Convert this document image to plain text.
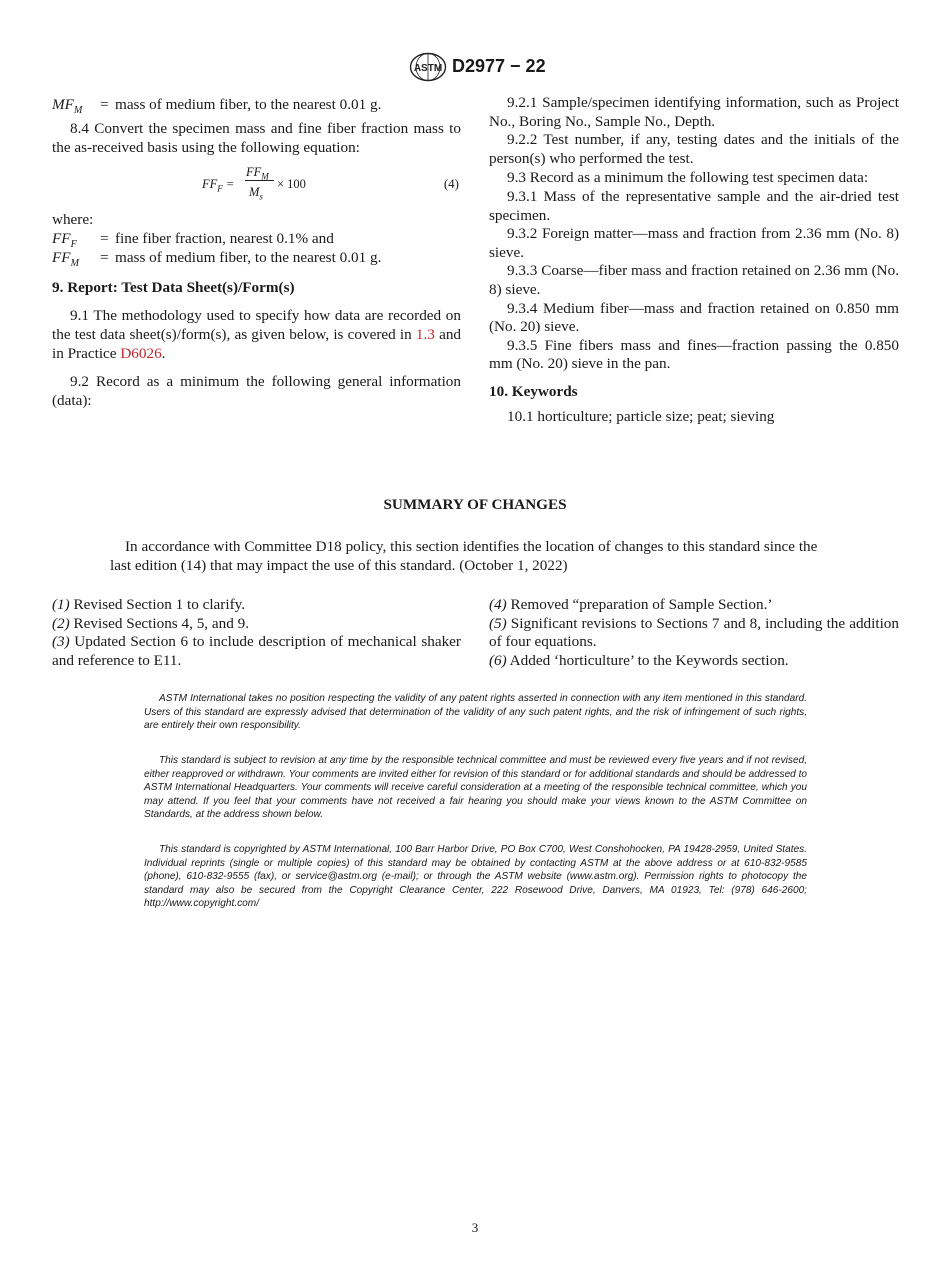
ASTM D2977 − 22
$MF_M$ = mass of medium fiber, to the nearest 0.01 g.

8.4 Convert the specimen mass and fine fiber fraction mass to the as-received basis using the following equation:

$FF_F$ =
$FF_M$
$M_s$
× 100	(4)

where:

$FF_F$ = fine fiber fraction, nearest 0.1% and
$FF_M$ = mass of medium fiber, to the nearest 0.01 g.

9. Report: Test Data Sheet(s)/Form(s)

9.1 The methodology used to specify how data are recorded on the test data sheet(s)/form(s), as given below, is covered in 1.3 and in Practice D6026.

9.2 Record as a minimum the following general information (data):

9.2.1 Sample/specimen identifying information, such as Project No., Boring No., Sample No., Depth.

9.2.2 Test number, if any, testing dates and the initials of the person(s) who performed the test.

9.3 Record as a minimum the following test specimen data:

9.3.1 Mass of the representative sample and the air-dried test specimen.

9.3.2 Foreign matter—mass and fraction from 2.36 mm (No. 8) sieve.

9.3.3 Coarse—fiber mass and fraction retained on 2.36 mm (No. 8) sieve.

9.3.4 Medium fiber—mass and fraction retained on 0.850 mm (No. 20) sieve.

9.3.5 Fine fibers mass and fines—fraction passing the 0.850 mm (No. 20) sieve in the pan.

10. Keywords

10.1 horticulture; particle size; peat; sieving

SUMMARY OF CHANGES
In accordance with Committee D18 policy, this section identifies the location of changes to this standard since the last edition (14) that may impact the use of this standard. (October 1, 2022)

(1) Revised Section 1 to clarify.

(2) Revised Sections 4, 5, and 9.

(3) Updated Section 6 to include description of mechanical shaker and reference to E11.

(4) Removed “preparation of Sample Section.’

(5) Significant revisions to Sections 7 and 8, including the addition of four equations.

(6) Added ‘horticulture’ to the Keywords section.

ASTM International takes no position respecting the validity of any patent rights asserted in connection with any item mentioned in this standard. Users of this standard are expressly advised that determination of the validity of any such patent rights, and the risk of infringement of such rights, are entirely their own responsibility.

This standard is subject to revision at any time by the responsible technical committee and must be reviewed every five years and if not revised, either reapproved or withdrawn. Your comments are invited either for revision of this standard or for additional standards and should be addressed to ASTM International Headquarters. Your comments will receive careful consideration at a meeting of the responsible technical committee, which you may attend. If you feel that your comments have not received a fair hearing you should make your views known to the ASTM Committee on Standards, at the address shown below.

This standard is copyrighted by ASTM International, 100 Barr Harbor Drive, PO Box C700, West Conshohocken, PA 19428-2959, United States. Individual reprints (single or multiple copies) of this standard may be obtained by contacting ASTM at the above address or at 610-832-9585 (phone), 610-832-9555 (fax), or service@astm.org (e-mail); or through the ASTM website (www.astm.org). Permission rights to photocopy the standard may also be secured from the Copyright Clearance Center, 222 Rosewood Drive, Danvers, MA 01923, Tel: (978) 646-2600; http://www.copyright.com/

3
